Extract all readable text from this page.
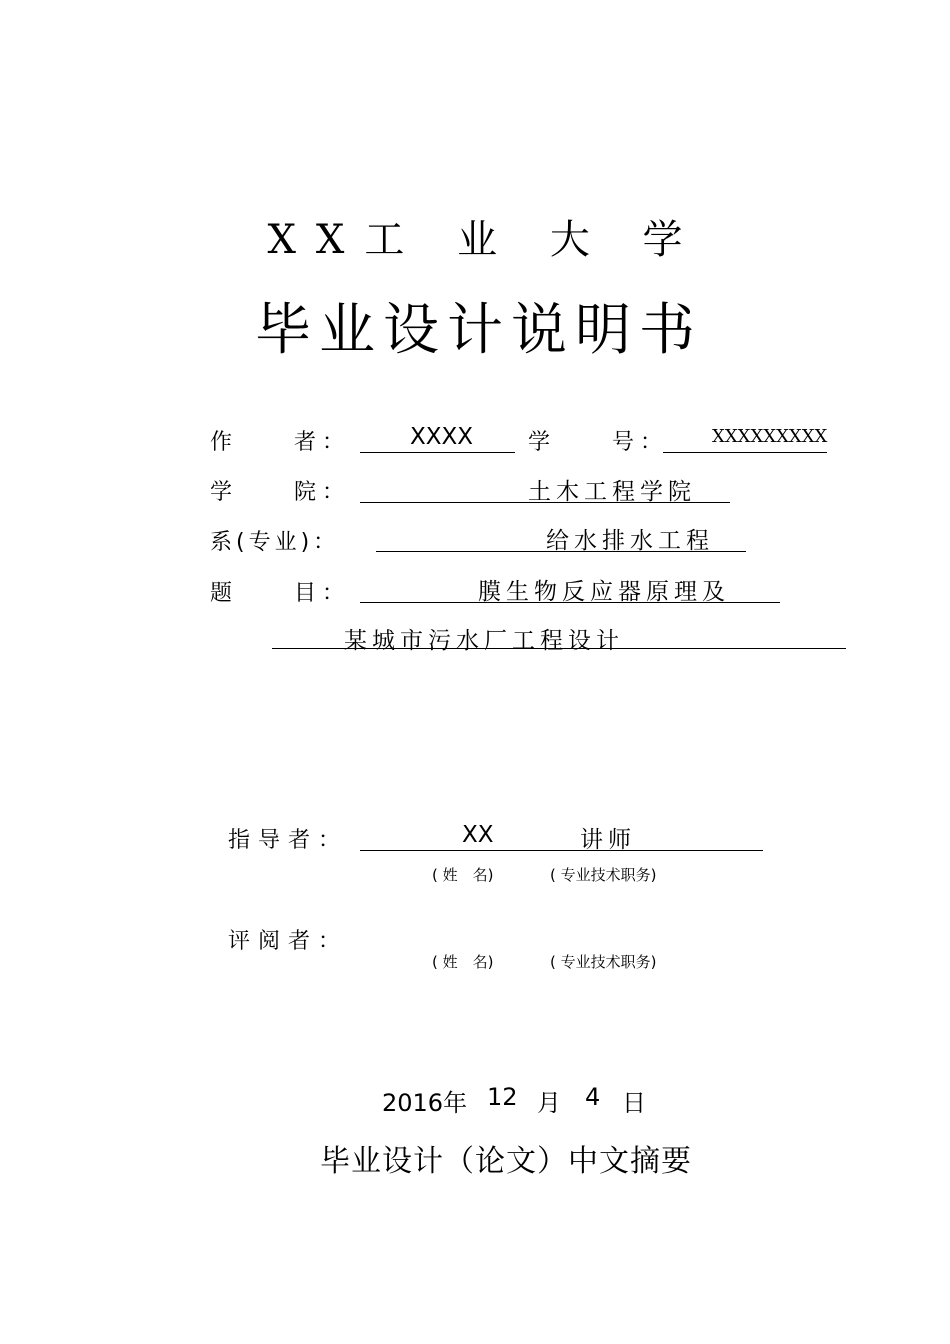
XX工 业 大 学
毕业设计说明书
作　　者：	XXXX 学　　号： XXXXXXXXX
学　　院：	土木工程学院
系(专业)：	给水排水工程
题　　目：	膜生物反应器原理及
某城市污水厂工程设计
指导者：	XX	讲师
( 姓　名)	( 专业技术职务)
评阅者：
( 姓　名)	( 专业技术职务)
2016年 12 月 4 日
毕业设计（论文）中文摘要
